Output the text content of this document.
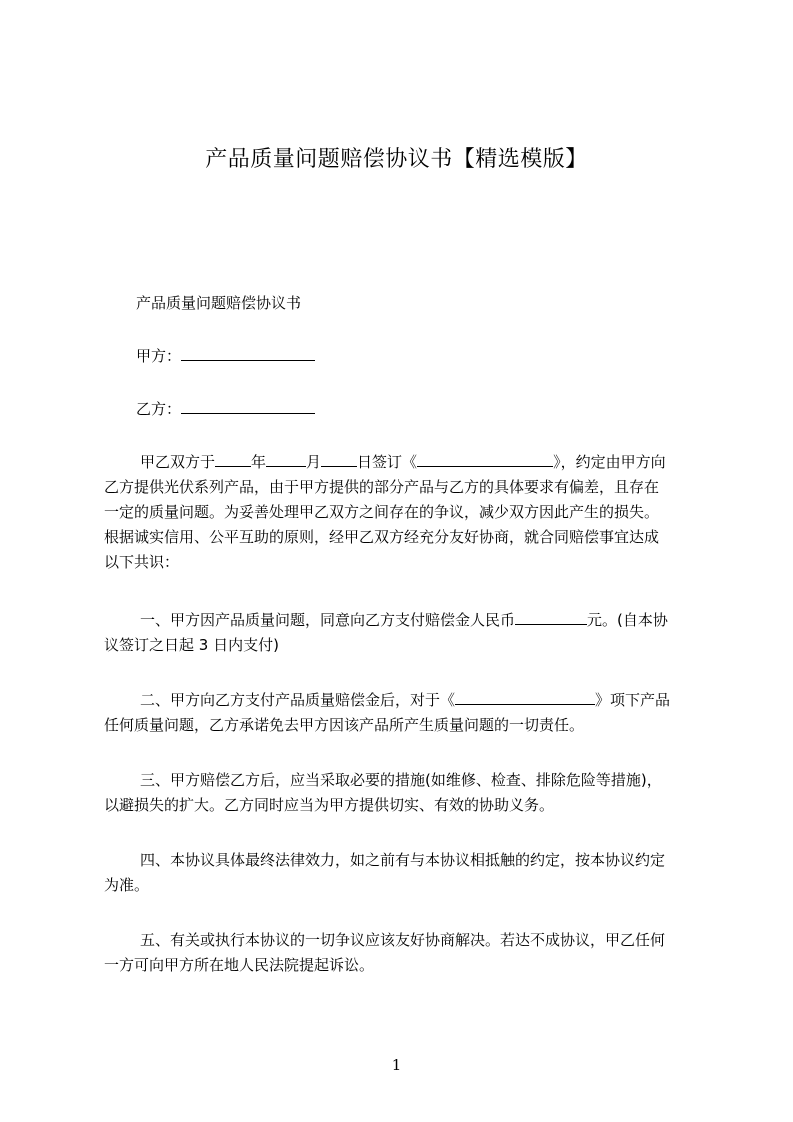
产品质量问题赔偿协议书【精选模版】
产品质量问题赔偿协议书
甲方：
乙方：
甲乙双方于 年	月 日签订《	》，约定由甲方向
乙方提供光伏系列产品，由于甲方提供的部分产品与乙方的具体要求有偏差，且存在
一定的质量问题。为妥善处理甲乙双方之间存在的争议，减少双方因此产生的损失。
根据诚实信用、公平互助的原则，经甲乙双方经充分友好协商，就合同赔偿事宜达成
以下共识：
一、甲方因产品质量问题，同意向乙方支付赔偿金人民币	元。(自本协
议签订之日起 3 日内支付)
二、甲方向乙方支付产品质量赔偿金后，对于《	》项下产品
任何质量问题，乙方承诺免去甲方因该产品所产生质量问题的一切责任。
三、甲方赔偿乙方后，应当采取必要的措施(如维修、检查、排除危险等措施)，
以避损失的扩大。乙方同时应当为甲方提供切实、有效的协助义务。
四、本协议具体最终法律效力，如之前有与本协议相抵触的约定，按本协议约定
为准。
五、有关或执行本协议的一切争议应该友好协商解决。若达不成协议，甲乙任何
一方可向甲方所在地人民法院提起诉讼。
1
